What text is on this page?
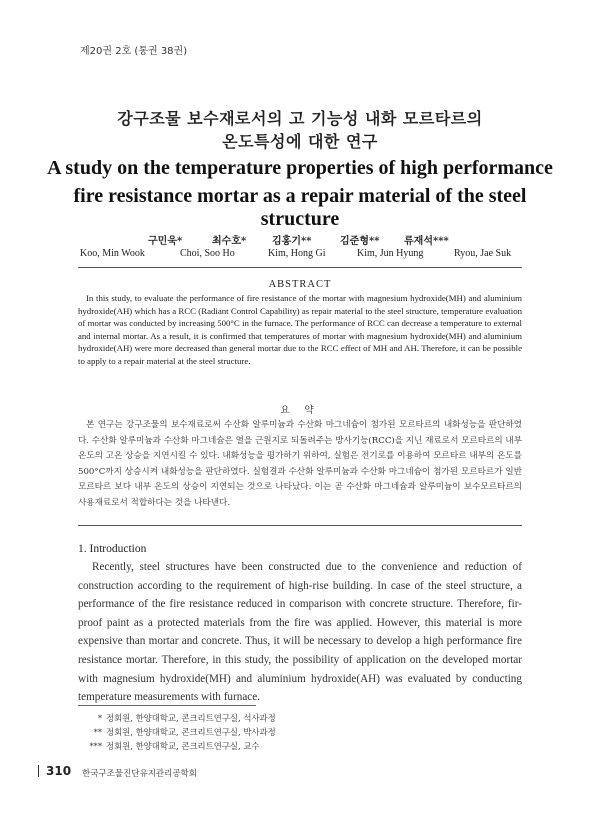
제20권 2호 (통권 38권)
강구조물 보수재로서의 고 기능성 내화 모르타르의
온도특성에 대한 연구
A study on the temperature properties of high performance
fire resistance mortar as a repair material of the steel structure
구민욱*	최수호*	김홍기**	김준형** 류재석***
Koo, Min Wook	Choi, Soo Ho	Kim, Hong Gi	Kim, Jun Hyung	Ryou, Jae Suk
ABSTRACT
In this study, to evaluate the performance of fire resistance of the mortar with magnesium hydroxide(MH) and aluminium hydroxide(AH) which has a RCC (Radiant Control Capability) as repair material to the steel structure, temperature evaluation of mortar was conducted by increasing 500°C in the furnace. The performance of RCC can decrease a temperature to external and internal mortar. As a result, it is confirmed that temperatures of mortar with magnesium hydroxide(MH) and aluminium hydroxide(AH) were more decreased than general mortar due to the RCC effect of MH and AH. Therefore, it can be possible to apply to a repair material at the steel structure.
요 약
본 연구는 강구조물의 보수재료로써 수산화 알루미늄과 수산화 마그네슘이 첨가된 모르타르의 내화성능을 판단하였다. 수산화 알루미늄과 수산화 마그네슘은 열을 근원지로 되돌려주는 방사기능(RCC)을 지닌 재료로서 모르타르의 내부 온도의 고온 상승을 지연시킬 수 있다. 내화성능을 평가하기 위하여, 실험은 전기로를 이용하여 모르타르 내부의 온도를 500°C까지 상승시켜 내화성능을 판단하였다. 실험결과 수산화 알루미늄과 수산화 마그네슘이 첨가된 모르타르가 일반 모르타르 보다 내부 온도의 상승이 지연되는 것으로 나타났다. 이는 곧 수산화 마그네슘과 알루미늄이 보수모르타르의 사용재료로서 적합하다는 것을 나타낸다.
1. Introduction
Recently, steel structures have been constructed due to the convenience and reduction of construction according to the requirement of high-rise building. In case of the steel structure, a performance of the fire resistance reduced in comparison with concrete structure. Therefore, fir-proof paint as a protected materials from the fire was applied. However, this material is more expensive than mortar and concrete. Thus, it will be necessary to develop a high performance fire resistance mortar. Therefore, in this study, the possibility of application on the developed mortar with magnesium hydroxide(MH) and aluminium hydroxide(AH) was evaluated by conducting temperature measurements with furnace.
* 정회원, 한양대학교, 콘크리트연구실, 석사과정
** 정회원, 한양대학교, 콘크리트연구실, 박사과정
*** 정회원, 한양대학교, 콘크리트연구실, 교수
310 한국구조물진단유지관리공학회
